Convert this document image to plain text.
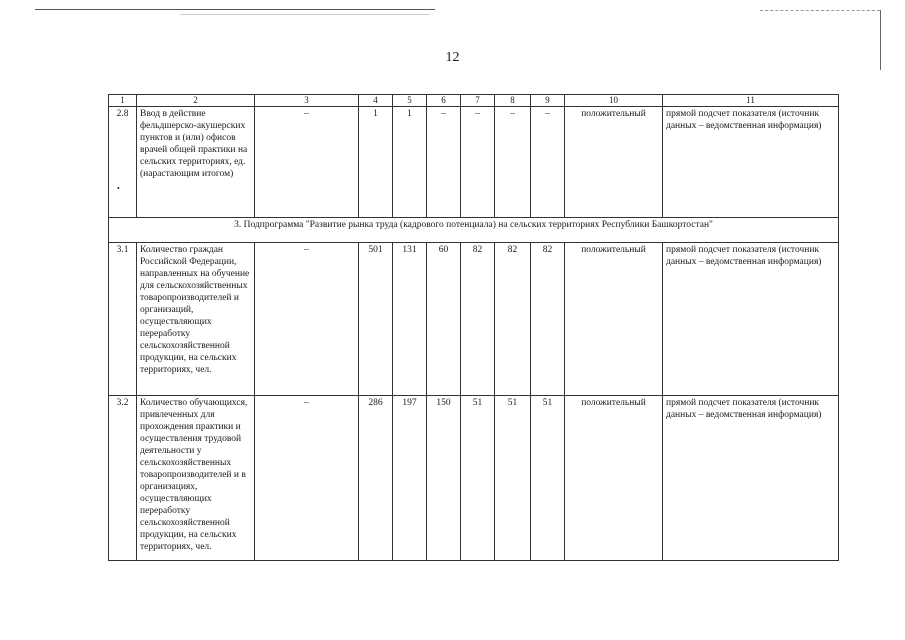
12
1	2	3	4	5	6	7	8	9	10	11
2.8	Ввод в действие фельдшерско-акушерских пунктов и (или) офисов врачей общей практики на сельских территориях, ед. (нарастающим итогом)	–	1	1	–	–	–	–	положительный	прямой подсчет показателя (источник данных – ведомственная информация)
3. Подпрограмма "Развитие рынка труда (кадрового потенциала) на сельских территориях Республики Башкортостан"										
3.1	Количество граждан Российской Федерации, направленных на обучение для сельскохозяйственных товаропроизводителей и организаций, осуществляющих переработку сельскохозяйственной продукции, на сельских территориях, чел.	–	501	131	60	82	82	82	положительный	прямой подсчет показателя (источник данных – ведомственная информация)
3.2	Количество обучающихся, привлеченных для прохождения практики и осуществления трудовой деятельности у сельскохозяйственных товаропроизводителей и в организациях, осуществляющих переработку сельскохозяйственной продукции, на сельских территориях, чел.	–	286	197	150	51	51	51	положительный	прямой подсчет показателя (источник данных – ведомственная информация)
•
